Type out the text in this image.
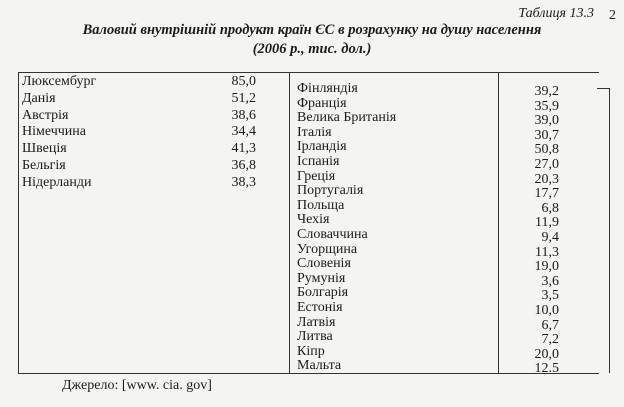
Таблиця 13.3 2
Валовий внутрішній продукт країн ЄС в розрахунку на душу населення
(2006 р., тис. дол.)
Люксембург	85,0
Данія	51,2
Австрія	38,6
Німеччина	34,4
Швеція	41,3
Бельгія	36,8
Нідерланди	38,3
Фінляндія	39,2
Франція	35,9
Велика Британія	39,0
Італія	30,7
Ірландія	50,8
Іспанія	27,0
Греція	20,3
Португалія	17,7
Польща	6,8
Чехія	11,9
Словаччина	9,4
Угорщина	11,3
Словенія	19,0
Румунія	3,6
Болгарія	3,5
Естонія	10,0
Латвія	6,7
Литва	7,2
Кіпр	20,0
Мальта	12.5
Джерело: [www. cia. gov]
